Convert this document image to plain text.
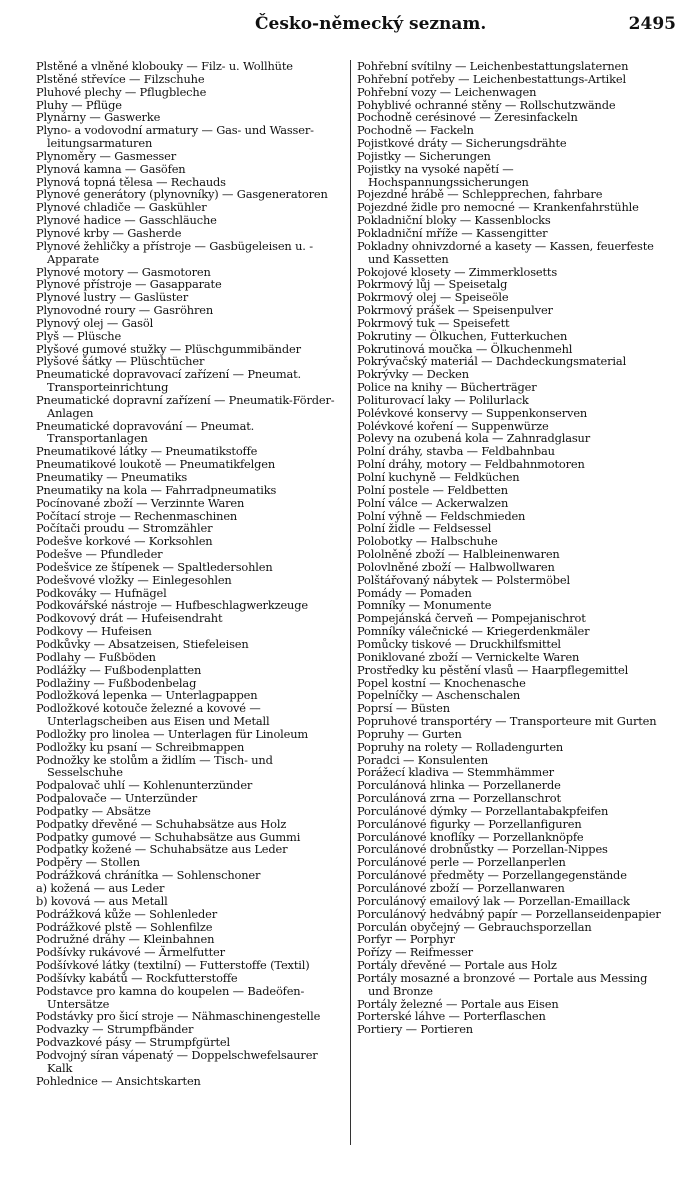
Česko-německý seznam.	2495

Plstěné a vlněné klobouky — Filz- u. Wollhüte

Plstěné střevíce — Filzschuhe

Pluhové plechy — Pflugbleche

Pluhy — Pflüge

Plynárny — Gaswerke

Plyno- a vodovodní armatury — Gas- und Wasser-leitungsarmaturen

Plynoměry — Gasmesser

Plynová kamna — Gasöfen

Plynová topná tělesa — Rechauds

Plynové generátory (plynovníky) — Gasgeneratoren

Plynové chladiče — Gaskühler

Plynové hadice — Gasschläuche

Plynové krby — Gasherde

Plynové žehličky a přístroje — Gasbügeleisen u. -Apparate

Plynové motory — Gasmotoren

Plynové přístroje — Gasapparate

Plynové lustry — Gaslüster

Plynovodné roury — Gasröhren

Plynový olej — Gasöl

Plyš — Plüsche

Plyšové gumové stužky — Plüschgummibänder

Plyšové šátky — Plüschtücher

Pneumatické dopravovací zařízení — Pneumat. Transporteinrichtung

Pneumatické dopravní zařízení — Pneumatik-Förder-Anlagen

Pneumatické dopravování — Pneumat. Transportanlagen

Pneumatikové látky — Pneumatikstoffe

Pneumatikové loukotě — Pneumatikfelgen

Pneumatiky — Pneumatiks

Pneumatiky na kola — Fahrradpneumatiks

Pocínované zboží — Verzinnte Waren

Počítací stroje — Rechenmaschinen

Počítači proudu — Stromzähler

Podešve korkové — Korksohlen

Podešve — Pfundleder

Podešvice ze štípenek — Spaltledersohlen

Podešvové vložky — Einlegesohlen

Podkováky — Hufnägel

Podkovářské nástroje — Hufbeschlagwerkzeuge

Podkovový drát — Hufeisendraht

Podkovy — Hufeisen

Podkůvky — Absatzeisen, Stiefeleisen

Podlahy — Fußböden

Podlážky — Fußbodenplatten

Podlažiny — Fußbodenbelag

Podložková lepenka — Unterlagpappen

Podložkové kotouče železné a kovové — Unterlagscheiben aus Eisen und Metall

Podložky pro linolea — Unterlagen für Linoleum

Podložky ku psaní — Schreibmappen

Podnožky ke stolům a židlím — Tisch- und Sesselschuhe

Podpalovač uhlí — Kohlenunterzünder

Podpalovače — Unterzünder

Podpatky — Absätze

Podpatky dřevěné — Schuhabsätze aus Holz

Podpatky gumové — Schuhabsätze aus Gummi

Podpatky kožené — Schuhabsätze aus Leder

Podpěry — Stollen

Podrážková chránítka — Sohlenschoner

a) kožená — aus Leder

b) kovová — aus Metall

Podrážková kůže — Sohlenleder

Podrážkové plstě — Sohlenfilze

Podružné dráhy — Kleinbahnen

Podšívky rukávové — Ärmelfutter

Podšívkové látky (textilní) — Futterstoffe (Textil)

Podšívky kabátů — Rockfutterstoffe

Podstavce pro kamna do koupelen — Badeöfen-Untersätze

Podstávky pro šicí stroje — Nähmaschinengestelle

Podvazky — Strumpfbänder

Podvazkové pásy — Strumpfgürtel

Podvojný síran vápenatý — Doppelschwefelsaurer Kalk

Pohlednice — Ansichtskarten

Pohřební svítilny — Leichenbestattungslaternen

Pohřební potřeby — Leichenbestattungs-Artikel

Pohřební vozy — Leichenwagen

Pohyblivé ochranné stěny — Rollschutzwände

Pochodně cerésinové — Zeresinfackeln

Pochodně — Fackeln

Pojistkové dráty — Sicherungsdrähte

Pojistky — Sicherungen

Pojistky na vysoké napětí — Hochspannungssicherungen

Pojezdné hrábě — Schlepprechen, fahrbare

Pojezdné židle pro nemocné — Krankenfahrstühle

Pokladniční bloky — Kassenblocks

Pokladniční mříže — Kassengitter

Pokladny ohnivzdorné a kasety — Kassen, feuerfeste und Kassetten

Pokojové klosety — Zimmerklosetts

Pokrmový lůj — Speisetalg

Pokrmový olej — Speiseöle

Pokrmový prášek — Speisenpulver

Pokrmový tuk — Speisefett

Pokrutiny — Ölkuchen, Futterkuchen

Pokrutinová moučka — Ölkuchenmehl

Pokrývačský materiál — Dachdeckungsmaterial

Pokrývky — Decken

Police na knihy — Bücherträger

Politurovací laky — Polilurlack

Polévkové konservy — Suppenkonserven

Polévkové koření — Suppenwürze

Polevy na ozubená kola — Zahnradglasur

Polní dráhy, stavba — Feldbahnbau

Polní dráhy, motory — Feldbahnmotoren

Polní kuchyně — Feldküchen

Polní postele — Feldbetten

Polní válce — Ackerwalzen

Polní výhně — Feldschmieden

Polní židle — Feldsessel

Polobotky — Halbschuhe

Pololněné zboží — Halbleinenwaren

Polovlněné zboží — Halbwollwaren

Polštářovaný nábytek — Polstermöbel

Pomády — Pomaden

Pomníky — Monumente

Pompejánská červeň — Pompejanischrot

Pomníky válečnické — Kriegerdenkmäler

Pomůcky tiskové — Druckhilfsmittel

Poniklované zboží — Vernickelte Waren

Prostředky ku pěstění vlasů — Haarpflegemittel

Popel kostní — Knochenasche

Popelníčky — Aschenschalen

Poprsí — Büsten

Popruhové transportéry — Transporteure mit Gurten

Popruhy — Gurten

Popruhy na rolety — Rolladengurten

Poradci — Konsulenten

Porážecí kladiva — Stemmhämmer

Porculánová hlinka — Porzellanerde

Porculánová zrna — Porzellanschrot

Porculánové dýmky — Porzellantabakpfeifen

Porculánové figurky — Porzellanfiguren

Porculánové knoflíky — Porzellanknöpfe

Porculánové drobnůstky — Porzellan-Nippes

Porculánové perle — Porzellanperlen

Porculánové předměty — Porzellangegenstände

Porculánové zboží — Porzellanwaren

Porculánový emailový lak — Porzellan-Emaillack

Porculánový hedvábný papír — Porzellanseidenpapier

Porculán obyčejný — Gebrauchsporzellan

Porfyr — Porphyr

Pořízy — Reifmesser

Portály dřevěné — Portale aus Holz

Portály mosazné a bronzové — Portale aus Messing und Bronze

Portály železné — Portale aus Eisen

Porterské láhve — Porterflaschen

Portiery — Portieren
